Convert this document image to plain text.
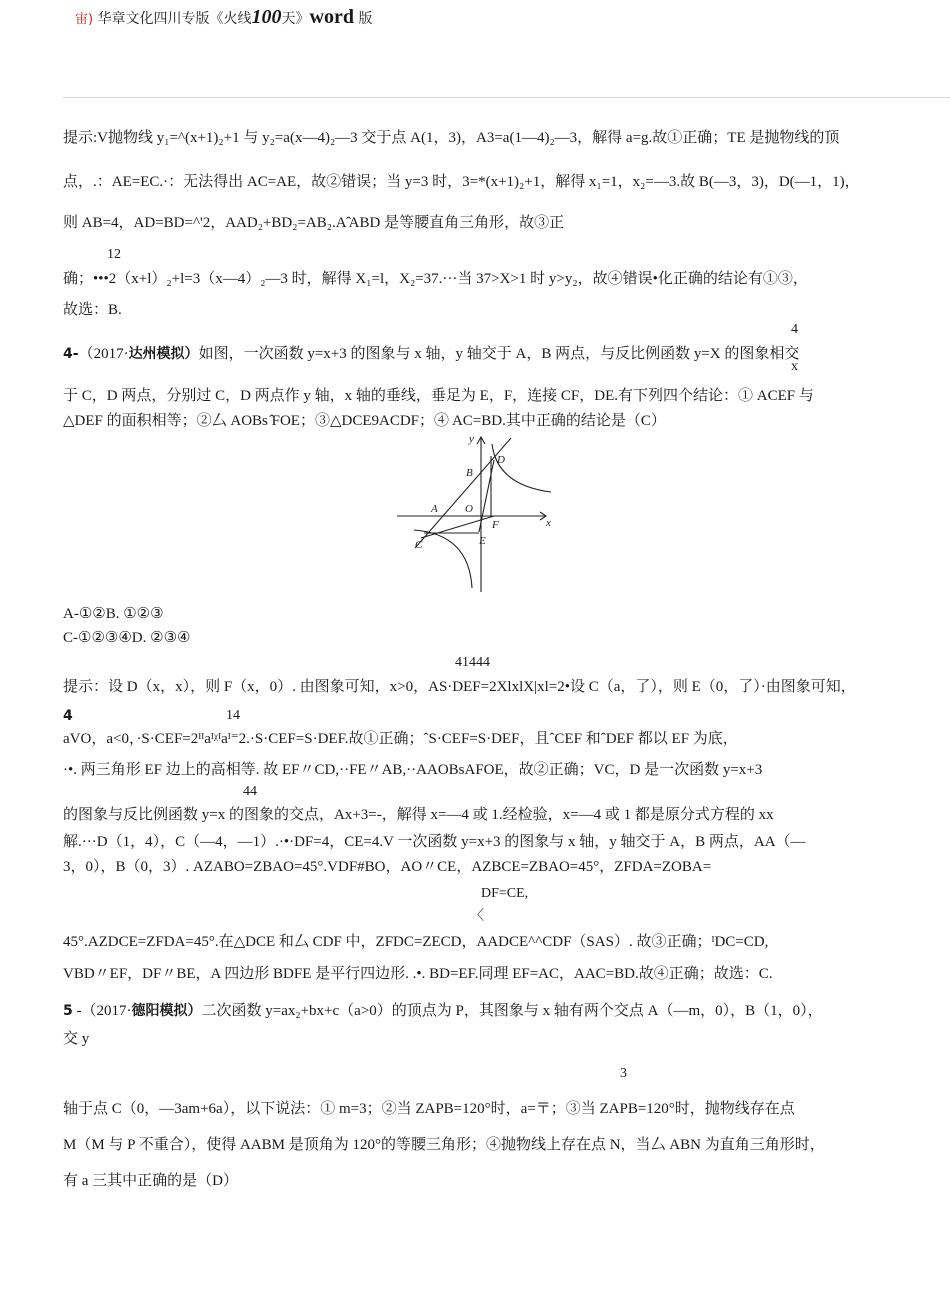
宙) 华章文化四川专版《火线100天》word 版
提示:V抛物线 y₁=^(x+1)₂+1 与 y₂=a(x—4)₂—3 交于点 A(1，3)，A3=a(1—4)₂—3，解得 a=g.故①正确；TE 是抛物线的顶
点，.：AE=EC.·：无法得出 AC=AE，故②错误；当 y=3 时，3=*(x+1)₂+1，解得 x₁=1，x₂=—3.故 B(—3，3)，D(—1，1)，
则 AB=4，AD=BD=^'2，AAD₂+BD₂=AB₂.A ̂ABD 是等腰直角三角形，故③正
12
确；•••2（x+l）₂+l=3（x—4）₂—3 时，解得 X₁=l，X₂=37.···当 37>X>1 时 y>y₂，故④错误•化正确的结论有①③，
故选：B.
4
4-（2017·达州模拟）如图，一次函数 y=x+3 的图象与 x 轴，y 轴交于 A，B 两点，与反比例函数 y=X 的图象相交
x
于 C，D 两点，分别过 C，D 两点作 y 轴，x 轴的垂线，垂足为 E，F，连接 CF，DE.有下列四个结论：① ACEF 与
△DEF 的面积相等；②厶 AOBs ̂FOE；③△DCE9ACDF；④ AC=BD.其中正确的结论是（C）
y
x
O
A
B
C
D
E
F
A-①②B. ①②③
C-①②③④D. ②③④
41444
提示：设 D（x，x），则 F（x，0）. 由图象可知，x>0，AS·DEF=2XlxlX|xl=2•设 C（a，了），则 E（0，了）·由图象可知，
4	14
aVO，a<0，·S·CEF=2ᴵᴵaᴵᵡᴵaᴵ⁼2.·S·CEF=S·DEF.故①正确；ˆS·CEF=S·DEF，且ˆCEF 和ˆDEF 都以 EF 为底，
·•. 两三角形 EF 边上的高相等. 故 EF〃CD,··FE〃AB,··AAOBsAFOE，故②正确；VC，D 是一次函数 y=x+3
44
的图象与反比例函数 y=x 的图象的交点，Ax+3=-，解得 x=—4 或 1.经检验，x=—4 或 1 都是原分式方程的 xx
解.···D（1，4），C（—4，—1）.·•·DF=4，CE=4.V 一次函数 y=x+3 的图象与 x 轴，y 轴交于 A，B 两点，AA（—
3，0），B（0，3）. AZABO=ZBAO=45°.VDF#BO，AO〃CE，AZBCE=ZBAO=45°，ZFDA=ZOBA=
DF=CE,
〈
45°.AZDCE=ZFDA=45°.在△DCE 和厶 CDF 中，ZFDC=ZECD，AADCE^^CDF（SAS）. 故③正确；ᴵDC=CD,
VBD〃EF，DF〃BE，A 四边形 BDFE 是平行四边形. .•. BD=EF.同理 EF=AC，AAC=BD.故④正确；故选：C.
5 -（2017·德阳模拟）二次函数 y=ax₂+bx+c（a>0）的顶点为 P，其图象与 x 轴有两个交点 A（—m，0），B（1，0），
交 y
3
轴于点 C（0，—3am+6a），以下说法：① m=3；②当 ZAPB=120°时，a=〒；③当 ZAPB=120°时，抛物线存在点
M（M 与 P 不重合），使得 AABM 是顶角为 120°的等腰三角形；④抛物线上存在点 N，当厶 ABN 为直角三角形时，
有 a 三其中正确的是（D）
